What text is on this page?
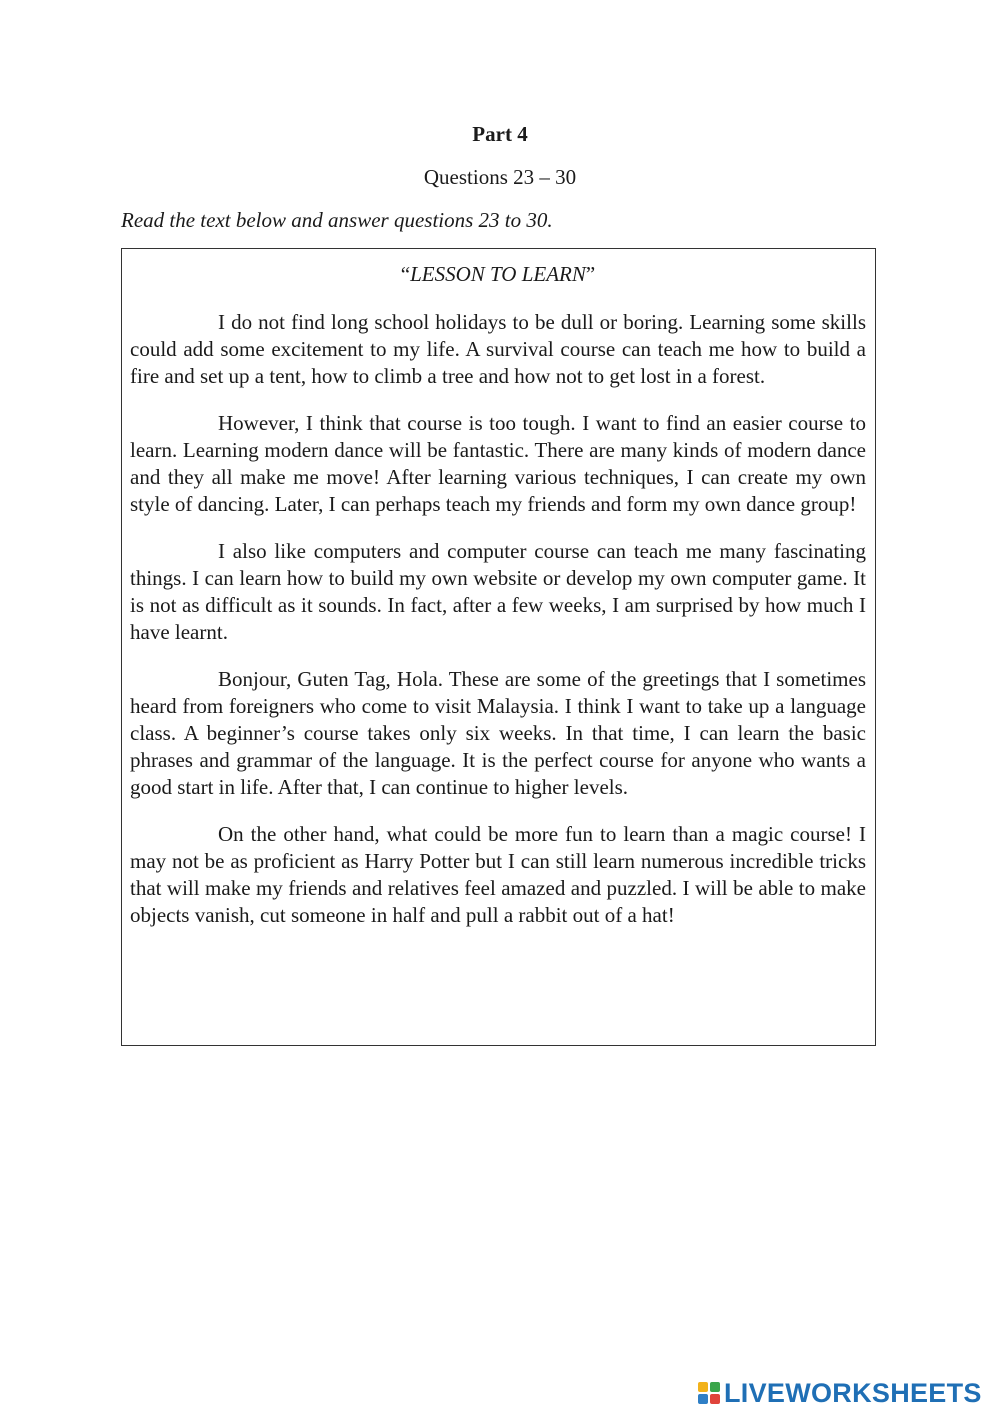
Part 4
Questions 23 – 30
Read the text below and answer questions 23 to 30.
“LESSON TO LEARN”

I do not find long school holidays to be dull or boring. Learning some skills could add some excitement to my life. A survival course can teach me how to build a fire and set up a tent, how to climb a tree and how not to get lost in a forest.

However, I think that course is too tough. I want to find an easier course to learn. Learning modern dance will be fantastic. There are many kinds of modern dance and they all make me move! After learning various techniques, I can create my own style of dancing. Later, I can perhaps teach my friends and form my own dance group!

I also like computers and computer course can teach me many fascinating things. I can learn how to build my own website or develop my own computer game. It is not as difficult as it sounds. In fact, after a few weeks, I am surprised by how much I have learnt.

Bonjour, Guten Tag, Hola. These are some of the greetings that I sometimes heard from foreigners who come to visit Malaysia. I think I want to take up a language class. A beginner’s course takes only six weeks. In that time, I can learn the basic phrases and grammar of the language. It is the perfect course for anyone who wants a good start in life. After that, I can continue to higher levels.

On the other hand, what could be more fun to learn than a magic course! I may not be as proficient as Harry Potter but I can still learn numerous incredible tricks that will make my friends and relatives feel amazed and puzzled. I will be able to make objects vanish, cut someone in half and pull a rabbit out of a hat!

LIVEWORKSHEETS
